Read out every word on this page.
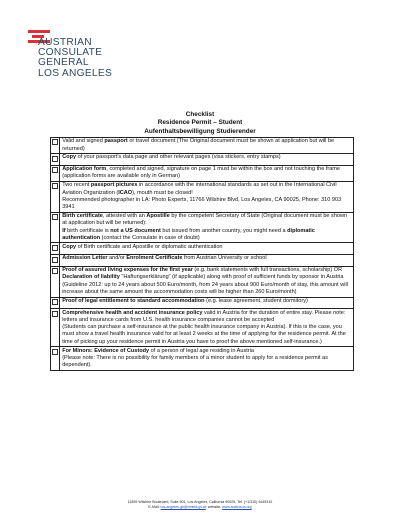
AUSTRIAN
CONSULATE
GENERAL
LOS ANGELES
Checklist
Residence Permit – Student
Aufenthaltsbewilligung Studierender
	Valid and signed passport or travel document (The Original document must be shown at application but will be returned)
	Copy of your passport's data page and other relevant pages (visa stickers, entry stamps)
	Application form, completed and signed, signature on page 1 must be within the box and not touching the frame (application forms are available only in German)
	Two recent passport pictures in accordance with the international standards as set out in the International Civil Aviation Organization (ICAO), mouth must be closed!
Recommended photographer in LA: Photo Experts, 11766 Wilshire Blvd, Los Angeles, CA 90025, Phone: 310 903 3941
	Birth certificate, attested with an Apostille by the competent Secretary of State (Original document must be shown at application but will be returned):
If birth certificate is not a US document but issued from another country, you might need a diplomatic authentication (contact the Consulate in case of doubt)
	Copy of Birth certificate and Apostille or diplomatic authentication
	Admission Letter and/or Enrolment Certificate from Austrian University or school
	Proof of assured living expenses for the first year (e.g. bank statements with full transactions, scholarship) OR
Declaration of liability "Haftungserklärung" (if applicable) along with proof of sufficient funds by sponsor in Austria
(Guideline 2012: up to 24 years about 500 Euro/month, from 24 years about 900 Euro/month of stay, this amount will increase about the same amount the accommodation costs will be higher than 260 Euro/month)
	Proof of legal entitlement to standard accommodation (e.g. lease agreement, student dormitory)
	Comprehensive health and accident insurance policy valid in Austria for the duration of entire stay. Please note: letters and insurance cards from U.S. health insurance companies cannot be accepted
(Students can purchase a self-insurance at the public health insurance company in Austria). If this is the case, you must show a travel health insurance valid for at least 2 weeks at the time of applying for the residence permit. At the time of picking up your residence permit in Austria you have to proof the above mentioned self-insurance.)
	For Minors: Evidence of Custody of a person of legal age residing in Austria
(Please note: There is no possibility for family members of a minor student to apply for a residence permit as dependent).
11859 Wilshire Boulevard, Suite 501, Los Angeles, California 90025, Tel. (+1/310) 4449310
E-Mail: los-angeles-gk@bmeia.gv.at, website: www.austria-la.org
